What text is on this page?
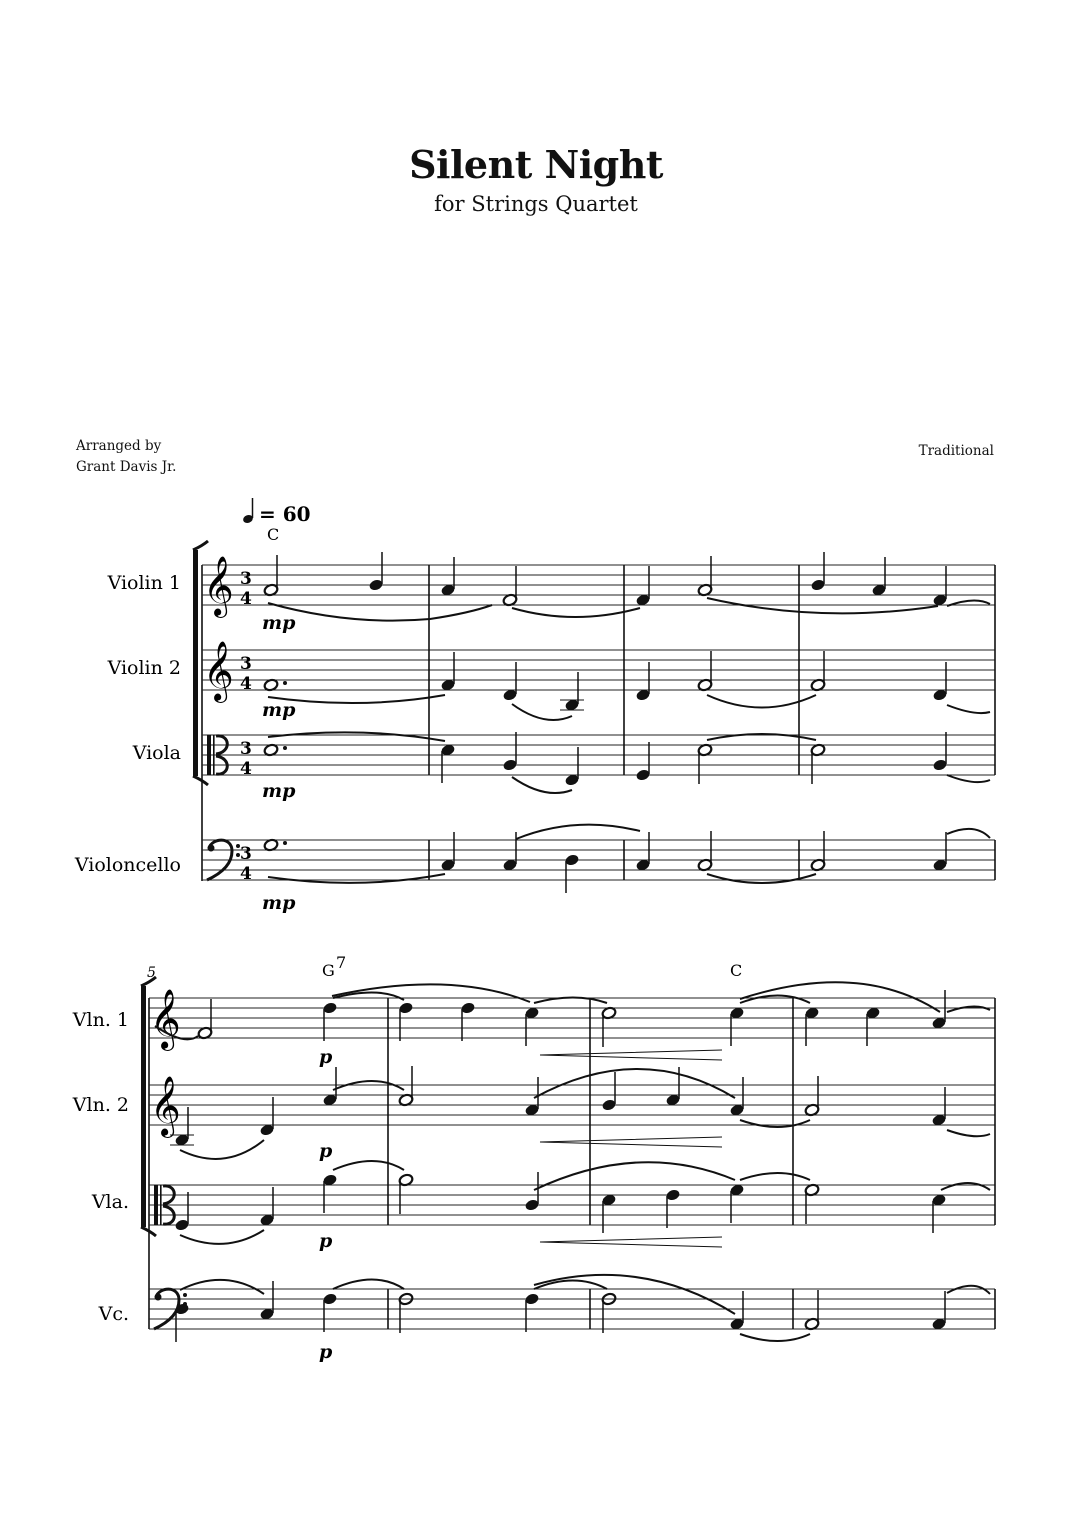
Silent Night
for Strings Quartet
Arranged by
Grant Davis Jr.
Traditional
= 60
C
Violin 1
Violin 2
Viola
Violoncello
𝄞
𝄞
3
4
3
4
3
4
3
4
mp
mp
mp
mp
5	G 7	C
Vln. 1
Vln. 2
Vla.
Vc.
𝄞
𝄞
p
p
p
p
